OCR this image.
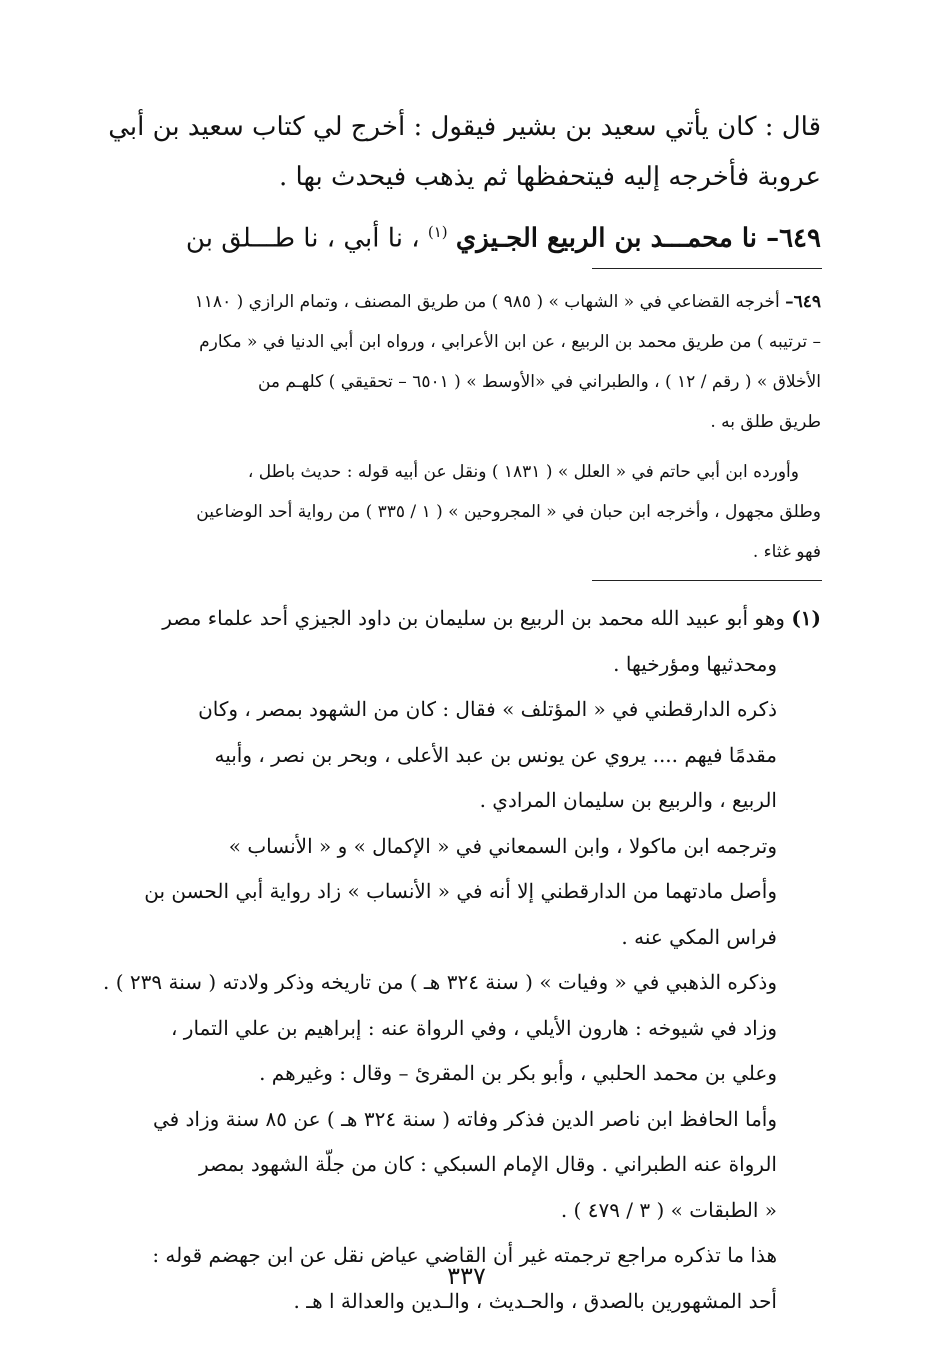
قال : كان يأتي سعيد بن بشير فيقول : أخرج لي كتاب سعيد بن أبي
عروبة فأخرجه إليه فيتحفظها ثم يذهب فيحدث بها .
٦٤٩– نا محمـــد بن الربيع الجـيزي $^{(١)}$ ، نا أبي ، نا طـــلق بن
٦٤٩– أخرجه القضاعي في « الشهاب » ( ٩٨٥ ) من طريق المصنف ، وتمام الرازي ( ١١٨٠
– ترتيبه ) من طريق محمد بن الربيع ، عن ابن الأعرابي ، ورواه ابن أبي الدنيا في « مكارم
الأخلاق » ( رقم / ١٢ ) ، والطبراني في «الأوسط » ( ٦٥٠١ – تحقيقي ) كلهـم من
طريق طلق به .
وأورده ابن أبي حاتم في « العلل » ( ١٨٣١ ) ونقل عن أبيه قوله : حديث باطل ،
وطلق مجهول ، وأخرجه ابن حبان في « المجروحين » ( ١ / ٣٣٥ ) من رواية أحد الوضاعين
فهو غثاء .
(١) وهو أبو عبيد الله محمد بن الربيع بن سليمان بن داود الجيزي أحد علماء مصر
ومحدثيها ومؤرخيها .
ذكره الدارقطني في « المؤتلف » فقال : كان من الشهود بمصر ، وكان
مقدمًا فيهم .... يروي عن يونس بن عبد الأعلى ، وبحر بن نصر ، وأبيه
الربيع ، والربيع بن سليمان المرادي .
وترجمه ابن ماكولا ، وابن السمعاني في « الإكمال » و « الأنساب »
وأصل مادتهما من الدارقطني إلا أنه في « الأنساب » زاد رواية أبي الحسن بن
فراس المكي عنه .
وذكره الذهبي في « وفيات » ( سنة ٣٢٤ هـ ) من تاريخه وذكر ولادته ( سنة ٢٣٩ ) .
وزاد في شيوخه : هارون الأيلي ، وفي الرواة عنه : إبراهيم بن علي التمار ،
وعلي بن محمد الحلبي ، وأبو بكر بن المقرئ – وقال : وغيرهم .
وأما الحافظ ابن ناصر الدين فذكر وفاته ( سنة ٣٢٤ هـ ) عن ٨٥ سنة وزاد في
الرواة عنه الطبراني . وقال الإمام السبكي : كان من جلّة الشهود بمصر
« الطبقات » ( ٣ / ٤٧٩ ) .
هذا ما تذكره مراجع ترجمته غير أن القاضي عياض نقل عن ابن جهضم قوله :
أحد المشهورين بالصدق ، والحـديث ، والـدين والعدالة ا هـ .
٣٣٧
